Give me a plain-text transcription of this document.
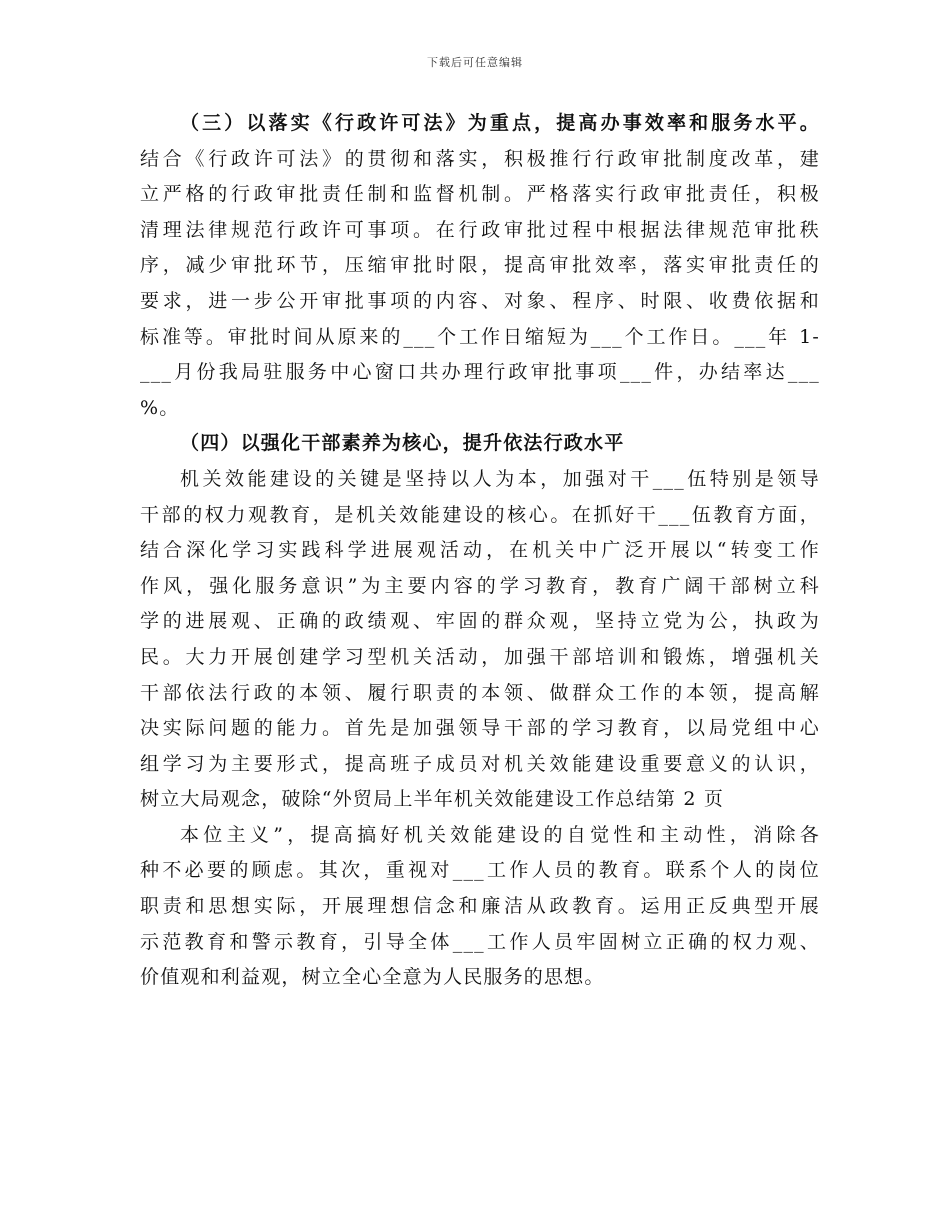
下载后可任意编辑
（三）以落实《行政许可法》为重点，提高办事效率和服务水平。
结合《行政许可法》的贯彻和落实，积极推行行政审批制度改革，建
立严格的行政审批责任制和监督机制。严格落实行政审批责任，积极
清理法律规范行政许可事项。在行政审批过程中根据法律规范审批秩
序，减少审批环节，压缩审批时限，提高审批效率，落实审批责任的
要求，进一步公开审批事项的内容、对象、程序、时限、收费依据和
标准等。审批时间从原来的___个工作日缩短为___个工作日。___年 1-
___月份我局驻服务中心窗口共办理行政审批事项___件，办结率达___
%。
（四）以强化干部素养为核心，提升依法行政水平
机关效能建设的关键是坚持以人为本，加强对干___伍特别是领导
干部的权力观教育，是机关效能建设的核心。在抓好干___伍教育方面，
结合深化学习实践科学进展观活动，在机关中广泛开展以“转变工作
作风，强化服务意识”为主要内容的学习教育，教育广阔干部树立科
学的进展观、正确的政绩观、牢固的群众观，坚持立党为公，执政为
民。大力开展创建学习型机关活动，加强干部培训和锻炼，增强机关
干部依法行政的本领、履行职责的本领、做群众工作的本领，提高解
决实际问题的能力。首先是加强领导干部的学习教育，以局党组中心
组学习为主要形式，提高班子成员对机关效能建设重要意义的认识，
树立大局观念，破除“外贸局上半年机关效能建设工作总结第 2 页
本位主义”，提高搞好机关效能建设的自觉性和主动性，消除各
种不必要的顾虑。其次，重视对___工作人员的教育。联系个人的岗位
职责和思想实际，开展理想信念和廉洁从政教育。运用正反典型开展
示范教育和警示教育，引导全体___工作人员牢固树立正确的权力观、
价值观和利益观，树立全心全意为人民服务的思想。
